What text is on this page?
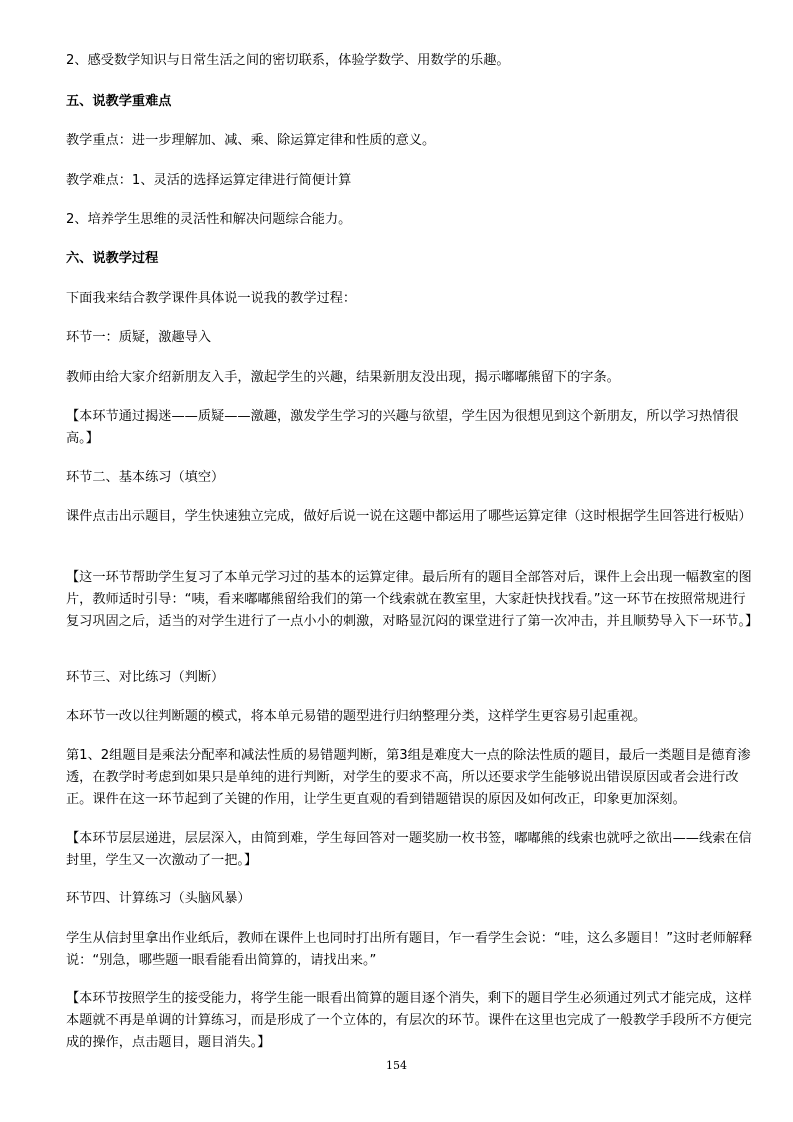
2、感受数学知识与日常生活之间的密切联系，体验学数学、用数学的乐趣。

五、说教学重难点

教学重点：进一步理解加、减、乘、除运算定律和性质的意义。

教学难点：1、灵活的选择运算定律进行简便计算

2、培养学生思维的灵活性和解决问题综合能力。

六、说教学过程

下面我来结合教学课件具体说一说我的教学过程：

环节一：质疑，激趣导入

教师由给大家介绍新朋友入手，激起学生的兴趣，结果新朋友没出现，揭示嘟嘟熊留下的字条。

【本环节通过揭迷——质疑——激趣，激发学生学习的兴趣与欲望，学生因为很想见到这个新朋友，所以学习热情很高。】

环节二、基本练习（填空）

课件点击出示题目，学生快速独立完成，做好后说一说在这题中都运用了哪些运算定律（这时根据学生回答进行板贴）

【这一环节帮助学生复习了本单元学习过的基本的运算定律。最后所有的题目全部答对后，课件上会出现一幅教室的图片，教师适时引导：“咦，看来嘟嘟熊留给我们的第一个线索就在教室里，大家赶快找找看。”这一环节在按照常规进行复习巩固之后，适当的对学生进行了一点小小的刺激，对略显沉闷的课堂进行了第一次冲击，并且顺势导入下一环节。】

环节三、对比练习（判断）

本环节一改以往判断题的模式，将本单元易错的题型进行归纳整理分类，这样学生更容易引起重视。

第1、2组题目是乘法分配率和减法性质的易错题判断，第3组是难度大一点的除法性质的题目，最后一类题目是德育渗透，在教学时考虑到如果只是单纯的进行判断，对学生的要求不高，所以还要求学生能够说出错误原因或者会进行改正。课件在这一环节起到了关键的作用，让学生更直观的看到错题错误的原因及如何改正，印象更加深刻。

【本环节层层递进，层层深入，由简到难，学生每回答对一题奖励一枚书签，嘟嘟熊的线索也就呼之欲出——线索在信封里，学生又一次激动了一把。】

环节四、计算练习（头脑风暴）

学生从信封里拿出作业纸后，教师在课件上也同时打出所有题目，乍一看学生会说：“哇，这么多题目！”这时老师解释说：“别急，哪些题一眼看能看出简算的，请找出来。”

【本环节按照学生的接受能力，将学生能一眼看出简算的题目逐个消失，剩下的题目学生必须通过列式才能完成，这样本题就不再是单调的计算练习，而是形成了一个立体的，有层次的环节。课件在这里也完成了一般教学手段所不方便完成的操作，点击题目，题目消失。】

154
